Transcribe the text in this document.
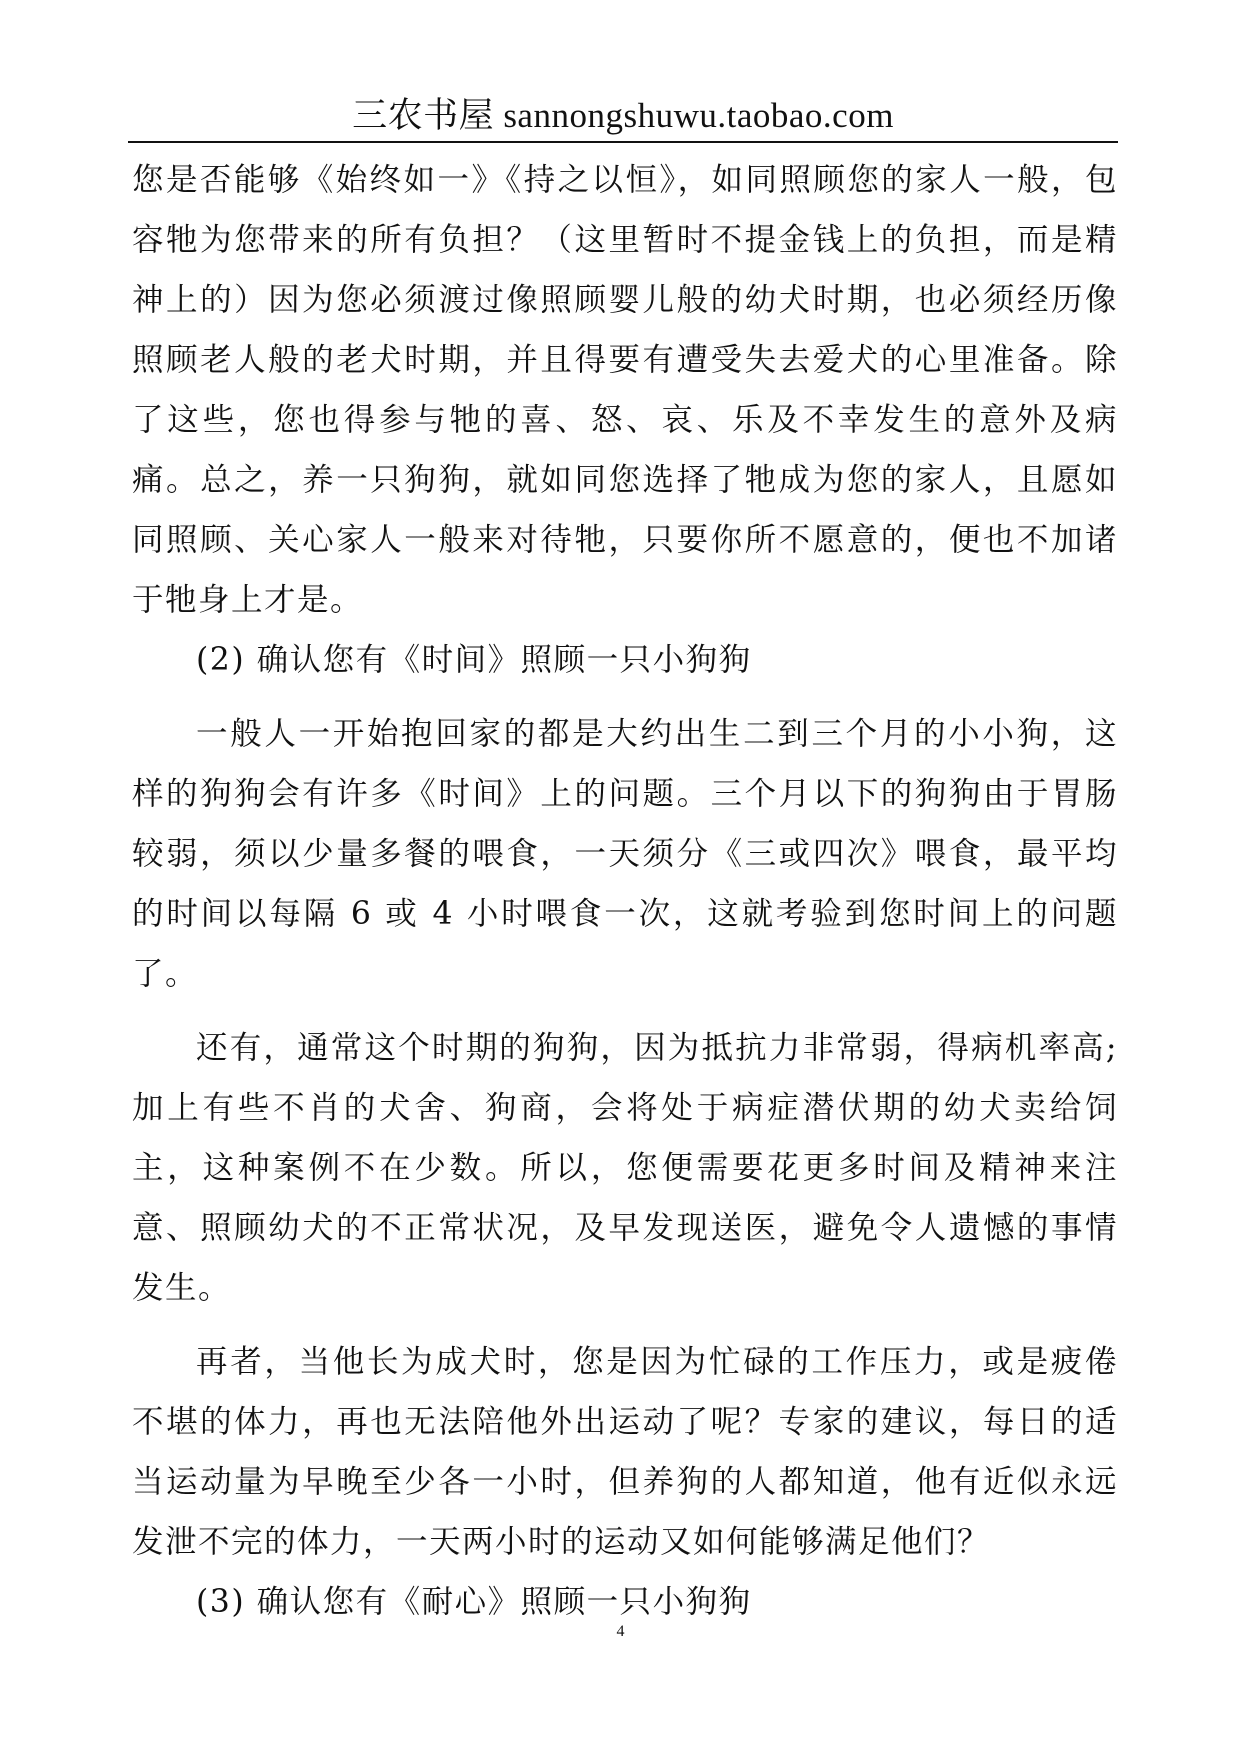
三农书屋 sannongshuwu.taobao.com

您是否能够《始终如一》《持之以恒》，如同照顾您的家人一般，包容牠为您带来的所有负担？（这里暂时不提金钱上的负担，而是精神上的）因为您必须渡过像照顾婴儿般的幼犬时期，也必须经历像照顾老人般的老犬时期，并且得要有遭受失去爱犬的心里准备。除了这些，您也得参与牠的喜、怒、哀、乐及不幸发生的意外及病痛。总之，养一只狗狗，就如同您选择了牠成为您的家人，且愿如同照顾、关心家人一般来对待牠，只要你所不愿意的，便也不加诸于牠身上才是。

(2) 确认您有《时间》照顾一只小狗狗

一般人一开始抱回家的都是大约出生二到三个月的小小狗，这样的狗狗会有许多《时间》上的问题。三个月以下的狗狗由于胃肠较弱，须以少量多餐的喂食，一天须分《三或四次》喂食，最平均的时间以每隔 6 或 4 小时喂食一次，这就考验到您时间上的问题了。

还有，通常这个时期的狗狗，因为抵抗力非常弱，得病机率高;加上有些不肖的犬舍、狗商，会将处于病症潜伏期的幼犬卖给饲主，这种案例不在少数。所以，您便需要花更多时间及精神来注意、照顾幼犬的不正常状况，及早发现送医，避免令人遗憾的事情发生。

再者，当他长为成犬时，您是因为忙碌的工作压力，或是疲倦不堪的体力，再也无法陪他外出运动了呢？专家的建议，每日的适当运动量为早晚至少各一小时，但养狗的人都知道，他有近似永远发泄不完的体力，一天两小时的运动又如何能够满足他们？

(3) 确认您有《耐心》照顾一只小狗狗

4
